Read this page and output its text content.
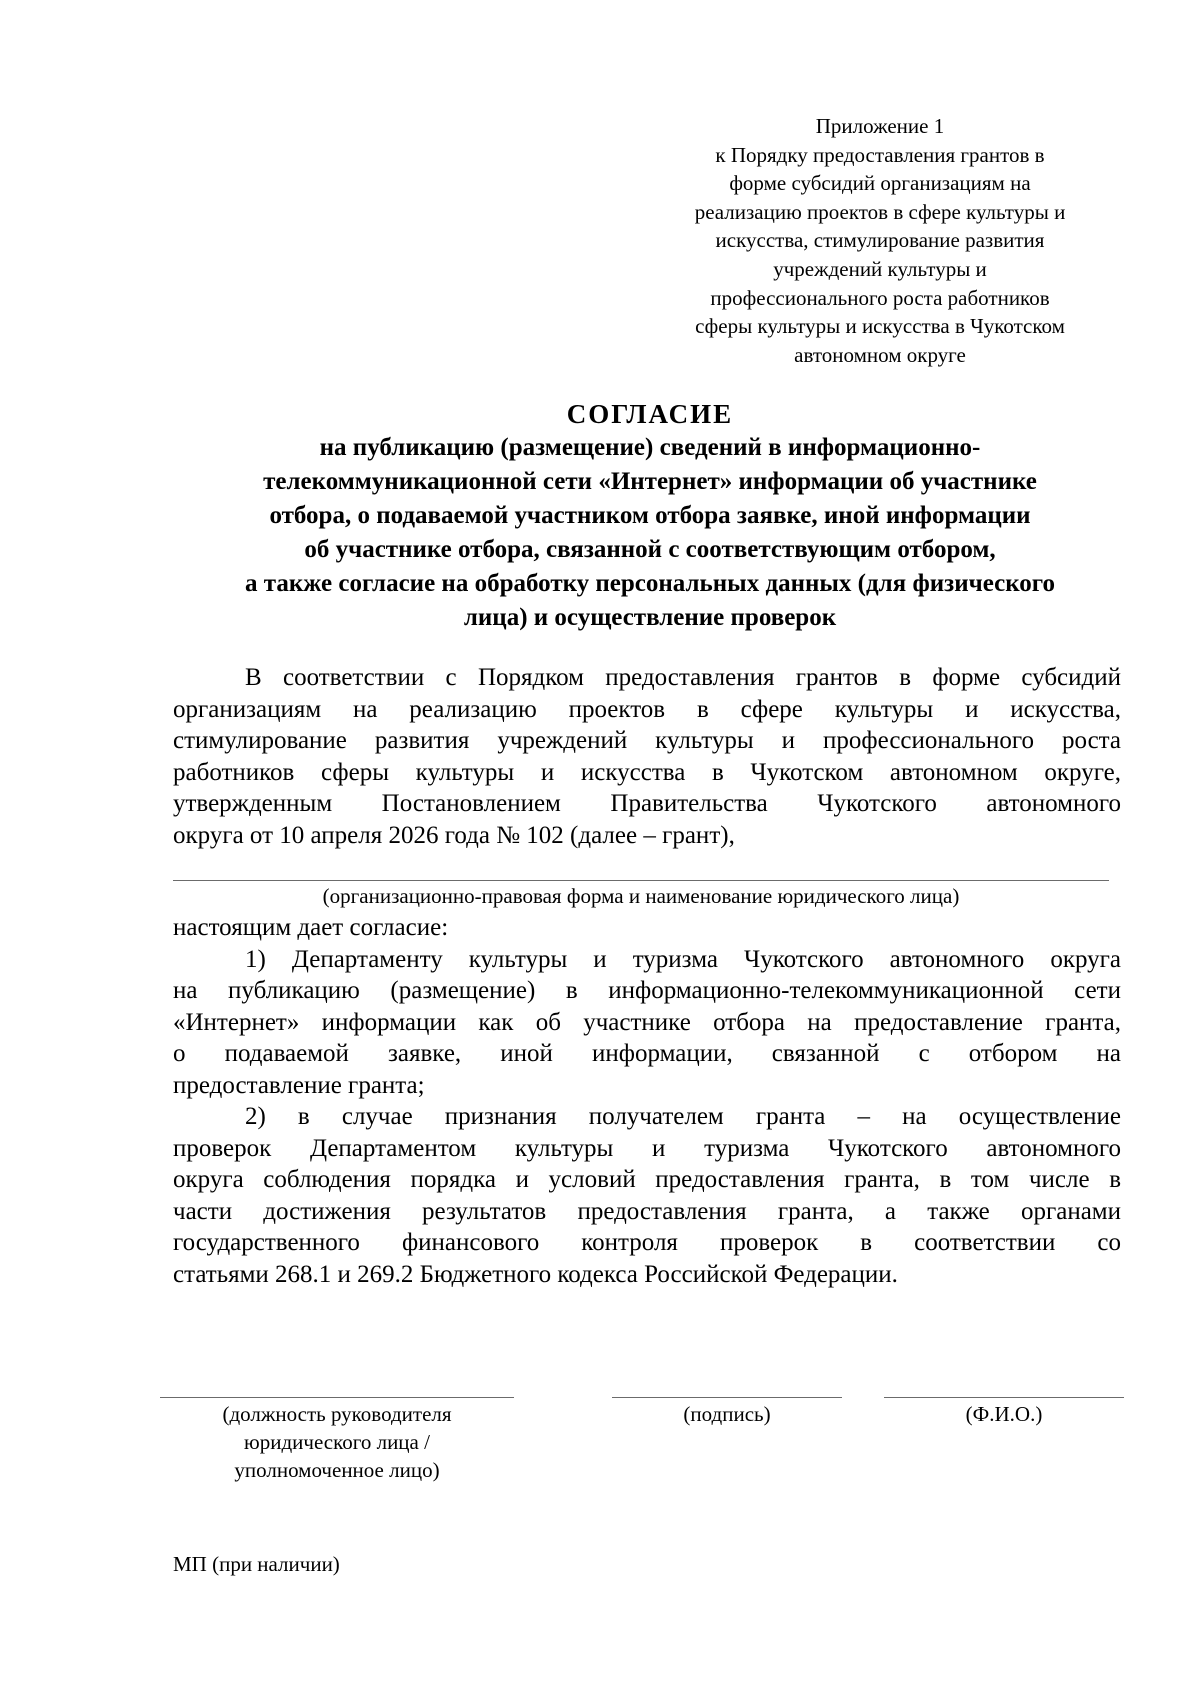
Приложение 1
к Порядку предоставления грантов в
форме субсидий организациям на
реализацию проектов в сфере культуры и
искусства, стимулирование развития
учреждений культуры и
профессионального роста работников
сферы культуры и искусства в Чукотском
автономном округе

СОГЛАСИЕ

на публикацию (размещение) сведений в информационно-
телекоммуникационной сети «Интернет» информации об участнике
отбора, о подаваемой участником отбора заявке, иной информации
об участнике отбора, связанной с соответствующим отбором,
а также согласие на обработку персональных данных (для физического
лица) и осуществление проверок
В соответствии с Порядком предоставления грантов в форме субсидий
организациям на реализацию проектов в сфере культуры и искусства,
стимулирование развития учреждений культуры и профессионального роста
работников сферы культуры и искусства в Чукотском автономном округе,
утвержденным Постановлением Правительства Чукотского автономного
округа от 10 апреля 2026 года № 102 (далее – грант),
(организационно-правовая форма и наименование юридического лица)
настоящим дает согласие:
1) Департаменту культуры и туризма Чукотского автономного округа
на публикацию (размещение) в информационно-телекоммуникационной сети
«Интернет» информации как об участнике отбора на предоставление гранта,
о подаваемой заявке, иной информации, связанной с отбором на
предоставление гранта;
2) в случае признания получателем гранта – на осуществление
проверок Департаментом культуры и туризма Чукотского автономного
округа соблюдения порядка и условий предоставления гранта, в том числе в
части достижения результатов предоставления гранта, а также органами
государственного финансового контроля проверок в соответствии со
статьями 268.1 и 269.2 Бюджетного кодекса Российской Федерации.
(должность руководителя
юридического лица /
уполномоченное лицо)
(подпись)	(Ф.И.О.)
МП (при наличии)
